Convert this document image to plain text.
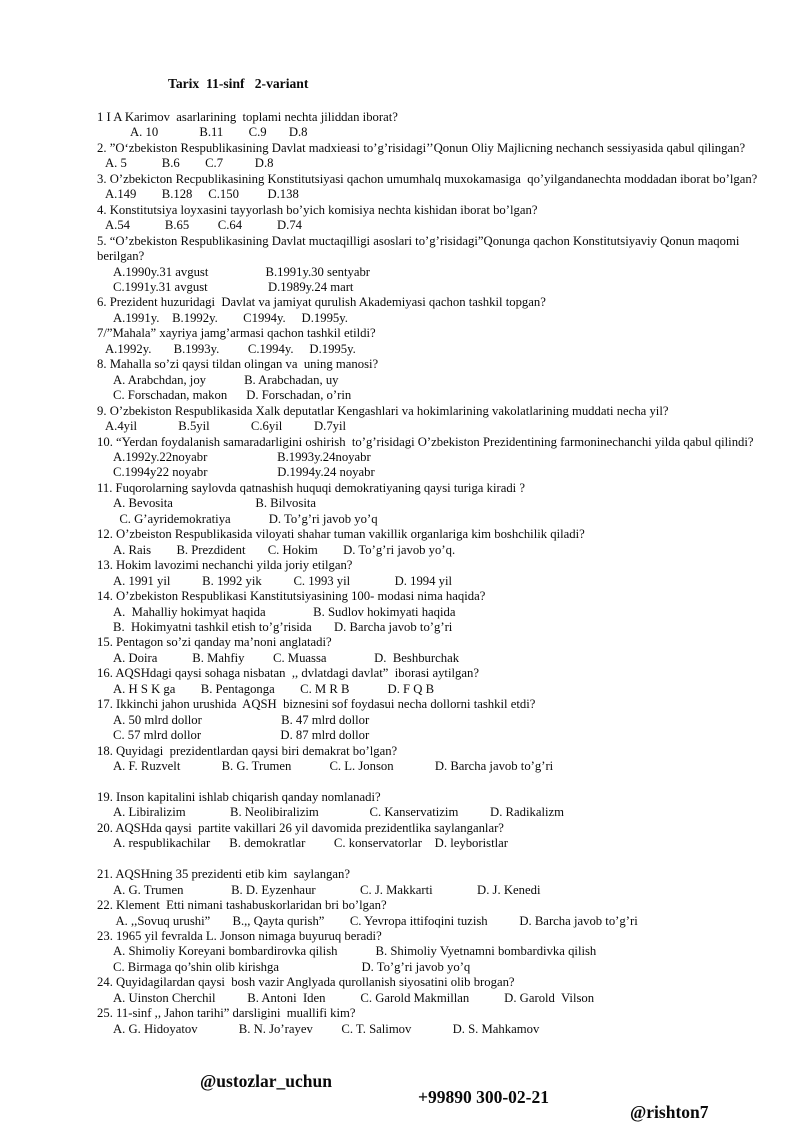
Tarix  11-sinf   2-variant
1 I A Karimov  asarlarining  toplami nechta jiliddan iborat?
A. 10             B.11        C.9       D.8
2. ”O‘zbekiston Respublikasining Davlat madxieasi to’g’risidagi’’Qonun Oliy Majlicning nechanch sessiyasida qabul qilingan?
A. 5           B.6        C.7          D.8
3. O’zbekicton Recpublikasining Konstitutsiyasi qachon umumhalq muxokamasiga  qo’yilgandanechta moddadan iborat bo’lgan?
A.149        B.128     C.150         D.138
4. Konstitutsiya loyxasini tayyorlash bo’yich komisiya nechta kishidan iborat bo’lgan?
A.54           B.65         C.64           D.74
5. “O’zbekiston Respublikasining Davlat muctaqilligi asoslari to’g’risidagi”Qonunga qachon Konstitutsiyaviy Qonun maqomi
berilgan?
A.1990y.31 avgust                  B.1991y.30 sentyabr
C.1991y.31 avgust                   D.1989y.24 mart
6. Prezident huzuridagi  Davlat va jamiyat qurulish Akademiyasi qachon tashkil topgan?
A.1991y.    B.1992y.        C1994y.     D.1995y.
7/”Mahala” xayriya jamg’armasi qachon tashkil etildi?
A.1992y.       B.1993y.         C.1994y.     D.1995y.
8. Mahalla so’zi qaysi tildan olingan va  uning manosi?
A. Arabchdan, joy            B. Arabchadan, uy
C. Forschadan, makon      D. Forschadan, o’rin
9. O’zbekiston Respublikasida Xalk deputatlar Kengashlari va hokimlarining vakolatlarining muddati necha yil?
A.4yil             B.5yil             C.6yil          D.7yil
10. “Yerdan foydalanish samaradarligini oshirish  to’g’risidagi O’zbekiston Prezidentining farmoninechanchi yilda qabul qilindi?
A.1992y.22noyabr                      B.1993y.24noyabr
C.1994y22 noyabr                      D.1994y.24 noyabr
11. Fuqorolarning saylovda qatnashish huquqi demokratiyaning qaysi turiga kiradi ?
A. Bevosita                          B. Bilvosita
C. G’ayridemokratiya            D. To’g’ri javob yo’q
12. O’zbeiston Respublikasida viloyati shahar tuman vakillik organlariga kim boshchilik qiladi?
A. Rais        B. Prezdident       C. Hokim        D. To’g’ri javob yo’q.
13. Hokim lavozimi nechanchi yilda joriy etilgan?
A. 1991 yil          B. 1992 yik          C. 1993 yil              D. 1994 yil
14. O’zbekiston Respublikasi Kanstitutsiyasining 100- modasi nima haqida?
A.  Mahalliy hokimyat haqida               B. Sudlov hokimyati haqida
B.  Hokimyatni tashkil etish to’g’risida       D. Barcha javob to’g’ri
15. Pentagon so’zi qanday ma’noni anglatadi?
A. Doira           B. Mahfiy         C. Muassa               D.  Beshburchak
16. AQSHdagi qaysi sohaga nisbatan  ,, dvlatdagi davlat”  iborasi aytilgan?
A. H S K ga        B. Pentagonga        C. M R B            D. F Q B
17. Ikkinchi jahon urushida  AQSH  biznesini sof foydasui necha dollorni tashkil etdi?
A. 50 mlrd dollor                         B. 47 mlrd dollor
C. 57 mlrd dollor                         D. 87 mlrd dollor
18. Quyidagi  prezidentlardan qaysi biri demakrat bo’lgan?
A. F. Ruzvelt             B. G. Trumen            C. L. Jonson             D. Barcha javob to’g’ri
19. Inson kapitalini ishlab chiqarish qanday nomlanadi?
A. Libiralizim              B. Neolibiralizim                C. Kanservatizim          D. Radikalizm
20. AQSHda qaysi  partite vakillari 26 yil davomida prezidentlika saylanganlar?
A. respublikachilar      B. demokratlar         C. konservatorlar    D. leyboristlar
21. AQSHning 35 prezidenti etib kim  saylangan?
A. G. Trumen               B. D. Eyzenhaur              C. J. Makkarti              D. J. Kenedi
22. Klement  Etti nimani tashabuskorlaridan bri bo’lgan?
A. ,,Sovuq urushi”       B.,, Qayta qurish”        C. Yevropa ittifoqini tuzish          D. Barcha javob to’g’ri
23. 1965 yil fevralda L. Jonson nimaga buyuruq beradi?
A. Shimoliy Koreyani bombardirovka qilish            B. Shimoliy Vyetnamni bombardivka qilish
C. Birmaga qo’shin olib kirishga                          D. To’g’ri javob yo’q
24. Quyidagilardan qaysi  bosh vazir Anglyada qurollanish siyosatini olib brogan?
A. Uinston Cherchil          B. Antoni  Iden           C. Garold Makmillan           D. Garold  Vilson
25. 11-sinf ,, Jahon tarihi” darsligini  muallifi kim?
A. G. Hidoyatov             B. N. Jo’rayev         C. T. Salimov             D. S. Mahkamov

@ustozlar_uchun

+99890 300-02-21

@rishton7
